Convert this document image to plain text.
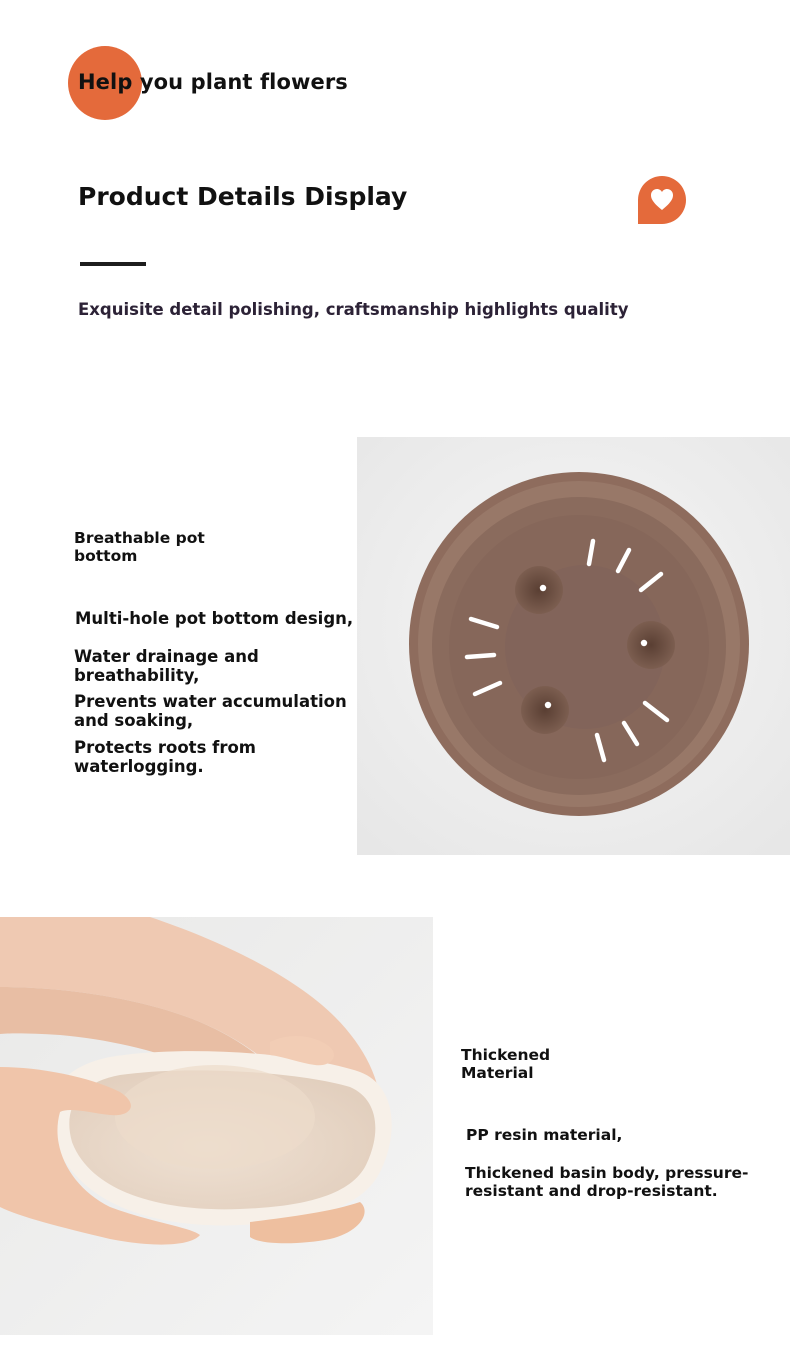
Help you plant flowers
Product Details Display
Exquisite detail polishing, craftsmanship highlights quality
Breathable pot
bottom
Multi-hole pot bottom design,
Water drainage and
breathability,
Prevents water accumulation
and soaking,
Protects roots from
waterlogging.
Thickened
Material
PP resin material,
Thickened basin body, pressure-
resistant and drop-resistant.
